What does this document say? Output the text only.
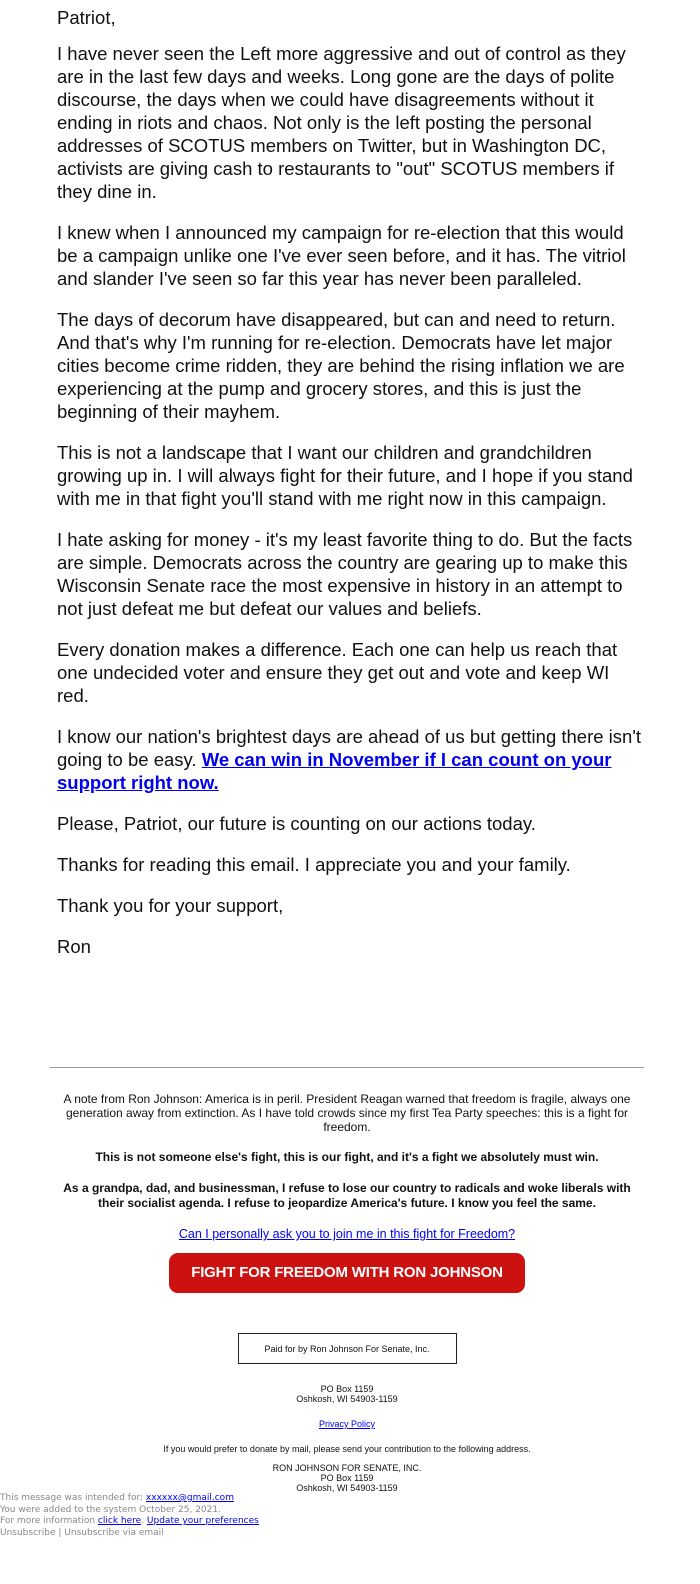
Patriot,

I have never seen the Left more aggressive and out of control as they are in the last few days and weeks. Long gone are the days of polite discourse, the days when we could have disagreements without it ending in riots and chaos. Not only is the left posting the personal addresses of SCOTUS members on Twitter, but in Washington DC, activists are giving cash to restaurants to "out" SCOTUS members if they dine in.

I knew when I announced my campaign for re-election that this would be a campaign unlike one I've ever seen before, and it has. The vitriol and slander I've seen so far this year has never been paralleled.

The days of decorum have disappeared, but can and need to return. And that's why I'm running for re-election. Democrats have let major cities become crime ridden, they are behind the rising inflation we are experiencing at the pump and grocery stores, and this is just the beginning of their mayhem.

This is not a landscape that I want our children and grandchildren growing up in. I will always fight for their future, and I hope if you stand with me in that fight you'll stand with me right now in this campaign.

I hate asking for money - it's my least favorite thing to do. But the facts are simple. Democrats across the country are gearing up to make this Wisconsin Senate race the most expensive in history in an attempt to not just defeat me but defeat our values and beliefs.

Every donation makes a difference. Each one can help us reach that one undecided voter and ensure they get out and vote and keep WI red.

I know our nation's brightest days are ahead of us but getting there isn't going to be easy. We can win in November if I can count on your support right now.

Please, Patriot, our future is counting on our actions today.

Thanks for reading this email. I appreciate you and your family.

Thank you for your support,

Ron

A note from Ron Johnson: America is in peril. President Reagan warned that freedom is fragile, always one generation away from extinction. As I have told crowds since my first Tea Party speeches: this is a fight for freedom.

This is not someone else's fight, this is our fight, and it's a fight we absolutely must win.

As a grandpa, dad, and businessman, I refuse to lose our country to radicals and woke liberals with their socialist agenda. I refuse to jeopardize America's future. I know you feel the same.

Can I personally ask you to join me in this fight for Freedom?

FIGHT FOR FREEDOM WITH RON JOHNSON >>
Paid for by Ron Johnson For Senate, Inc.
PO Box 1159
Oshkosh, WI 54903-1159
Privacy Policy
If you would prefer to donate by mail, please send your contribution to the following address.
RON JOHNSON FOR SENATE, INC.
PO Box 1159
Oshkosh, WI 54903-1159
This message was intended for: xxxxxx@gmail.com
You were added to the system October 25, 2021.
For more information click here. Update your preferences
Unsubscribe | Unsubscribe via email
